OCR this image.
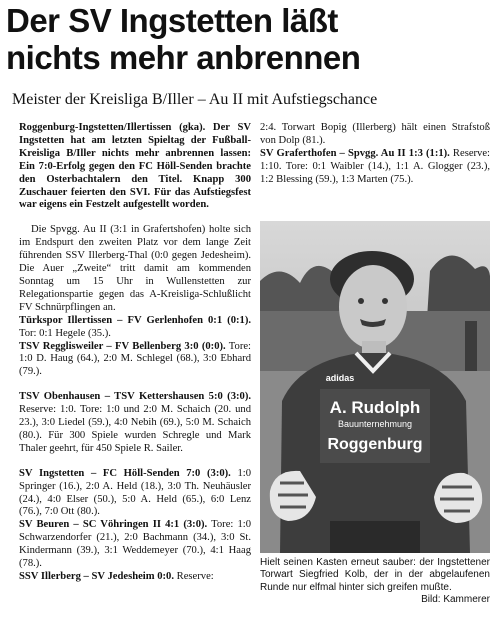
Der SV Ingstetten läßt
nichts mehr anbrennen
Meister der Kreisliga B/Iller – Au II mit Aufstiegschance

Roggenburg-Ingstetten/Illertissen (gka). Der SV Ingstetten hat am letzten Spieltag der Fußball-Kreisliga B/Iller nichts mehr anbrennen lassen: Ein 7:0-Erfolg gegen den FC Höll-Senden brachte den Osterbachtalern den Titel. Knapp 300 Zuschauer feierten den SVI. Für das Aufstiegsfest war eigens ein Festzelt aufgestellt worden.

Die Spvgg. Au II (3:1 in Grafertshofen) holte sich im Endspurt den zweiten Platz vor dem lange Zeit führenden SSV Illerberg-Thal (0:0 gegen Jedesheim). Die Auer „Zweite“ tritt damit am kommenden Sonntag um 15 Uhr in Wullenstetten zur Relegationspartie gegen das A-Kreisliga-Schlußlicht FV Schnürpflingen an.

Türkspor Illertissen – FV Gerlenhofen 0:1 (0:1). Tor: 0:1 Hegele (35.).

TSV Regglisweiler – FV Bellenberg 3:0 (0:0). Tore: 1:0 D. Haug (64.), 2:0 M. Schlegel (68.), 3:0 Ebhard (79.).

TSV Obenhausen – TSV Kettershausen 5:0 (3:0). Reserve: 1:0. Tore: 1:0 und 2:0 M. Schaich (20. und 23.), 3:0 Liedel (59.), 4:0 Nebih (69.), 5:0 M. Schaich (80.). Für 300 Spiele wurden Schregle und Mark Thaler geehrt, für 450 Spiele R. Sailer.

SV Ingstetten – FC Höll-Senden 7:0 (3:0). 1:0 Springer (16.), 2:0 A. Held (18.), 3:0 Th. Neuhäusler (24.), 4:0 Elser (50.), 5:0 A. Held (65.), 6:0 Lenz (76.), 7:0 Ott (80.).

SV Beuren – SC Vöhringen II 4:1 (3:0). Tore: 1:0 Schwarzendorfer (21.), 2:0 Bachmann (34.), 3:0 St. Kindermann (39.), 3:1 Weddemeyer (70.), 4:1 Haag (78.).

SSV Illerberg – SV Jedesheim 0:0. Reserve:

2:4. Torwart Bopig (Illerberg) hält einen Strafstoß von Dolp (81.).

SV Graferthofen – Spvgg. Au II 1:3 (1:1). Reserve: 1:10. Tore: 0:1 Waibler (14.), 1:1 A. Glogger (23.), 1:2 Blessing (59.), 1:3 Marten (75.).

A. Rudolph
Bauunternehmung
Roggenburg
adidas
Hielt seinen Kasten erneut sauber: der Ingstettener Torwart Siegfried Kolb, der in der abgelaufenen Runde nur elfmal hinter sich greifen mußte.
Bild: Kammerer
